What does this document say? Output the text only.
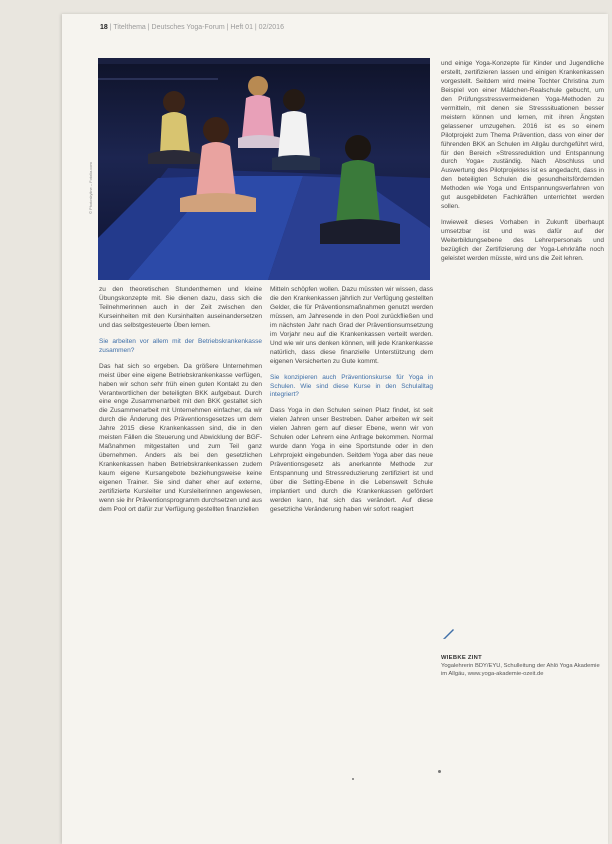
18 | Titelthema | Deutsches Yoga-Forum | Heft 01 | 02/2016
© Photoskyline – Fotolia.com

zu den theoretischen Stundenthemen und kleine Übungskonzepte mit. Sie dienen dazu, dass sich die Teilnehmerinnen auch in der Zeit zwischen den Kurseinheiten mit den Kursinhalten auseinandersetzen und das selbstgesteuerte Üben lernen.

Sie arbeiten vor allem mit der Betriebskrankenkasse zusammen?

Das hat sich so ergeben. Da größere Unternehmen meist über eine eigene Betriebskrankenkasse verfügen, haben wir schon sehr früh einen guten Kontakt zu den Verantwortlichen der beteiligten BKK aufgebaut. Durch eine enge Zusammenarbeit mit den BKK gestaltet sich die Zusammenarbeit mit Unternehmen einfacher, da wir durch die Änderung des Präventionsgesetzes um dem Jahre 2015 diese Krankenkassen sind, die in den meisten Fällen die Steuerung und Abwicklung der BGF-Maßnahmen mitgestalten und zum Teil ganz übernehmen. Anders als bei den gesetzlichen Krankenkassen haben Betriebskrankenkassen zudem kaum eigene Kursangebote beziehungsweise keine eigenen Trainer. Sie sind daher eher auf externe, zertifizierte Kursleiter und Kursleiterinnen angewiesen, wenn sie ihr Präventionsprogramm durchsetzen und aus dem Pool ort dafür zur Verfügung gestellten finanziellen

Mitteln schöpfen wollen. Dazu müssten wir wissen, dass die den Krankenkassen jährlich zur Verfügung gestellten Gelder, die für Präventionsmaßnahmen genutzt werden müssen, am Jahresende in den Pool zurückfließen und im nächsten Jahr nach Grad der Präventionsumsetzung im Vorjahr neu auf die Krankenkassen verteilt werden. Und wie wir uns denken können, will jede Krankenkasse natürlich, dass diese finanzielle Unterstützung dem eigenen Versicherten zu Gute kommt.

Sie konzipieren auch Präventionskurse für Yoga in Schulen. Wie sind diese Kurse in den Schulalltag integriert?

Dass Yoga in den Schulen seinen Platz findet, ist seit vielen Jahren unser Bestreben. Daher arbeiten wir seit vielen Jahren gern auf dieser Ebene, wenn wir von Schulen oder Lehrern eine Anfrage bekommen. Normal wurde dann Yoga in eine Sportstunde oder in den Lehrprojekt eingebunden. Seitdem Yoga aber das neue Präventionsgesetz als anerkannte Methode zur Entspannung und Stressreduzierung zertifiziert ist und über die Setting-Ebene in die Lebenswelt Schule implantiert und durch die Krankenkassen gefördert werden kann, hat sich das verändert. Auf diese gesetzliche Veränderung haben wir sofort reagiert

und einige Yoga-Konzepte für Kinder und Jugendliche erstellt, zertifizieren lassen und einigen Krankenkassen vorgestellt. Seitdem wird meine Tochter Christina zum Beispiel von einer Mädchen-Realschule gebucht, um den Prüfungsstressvermeidenen Yoga-Methoden zu vermitteln, mit denen sie Stresssituationen besser meistern können und lernen, mit ihren Ängsten gelassener umzugehen. 2016 ist es so einem Pilotprojekt zum Thema Prävention, dass von einer der führenden BKK an Schulen im Allgäu durchgeführt wird, für den Bereich »Stressreduktion und Entspannung durch Yoga« zuständig. Nach Abschluss und Auswertung des Pilotprojektes ist es angedacht, dass in den beteiligten Schulen die gesundheitsfördernden Methoden wie Yoga und Entspannungsverfahren von gut ausgebildeten Fachkräften unterrichtet werden sollen.

Inwieweit dieses Vorhaben in Zukunft überhaupt umsetzbar ist und was dafür auf der Weiterbildungsebene des Lehrerpersonals und bezüglich der Zertifizierung der Yoga-Lehrkräfte noch geleistet werden müsste, wird uns die Zeit lehren.

WIEBKE ZINT
Yogalehrerin BDY/EYU, Schulleitung der Ahlö Yoga Akademie im Allgäu, www.yoga-akademie-ozeit.de
